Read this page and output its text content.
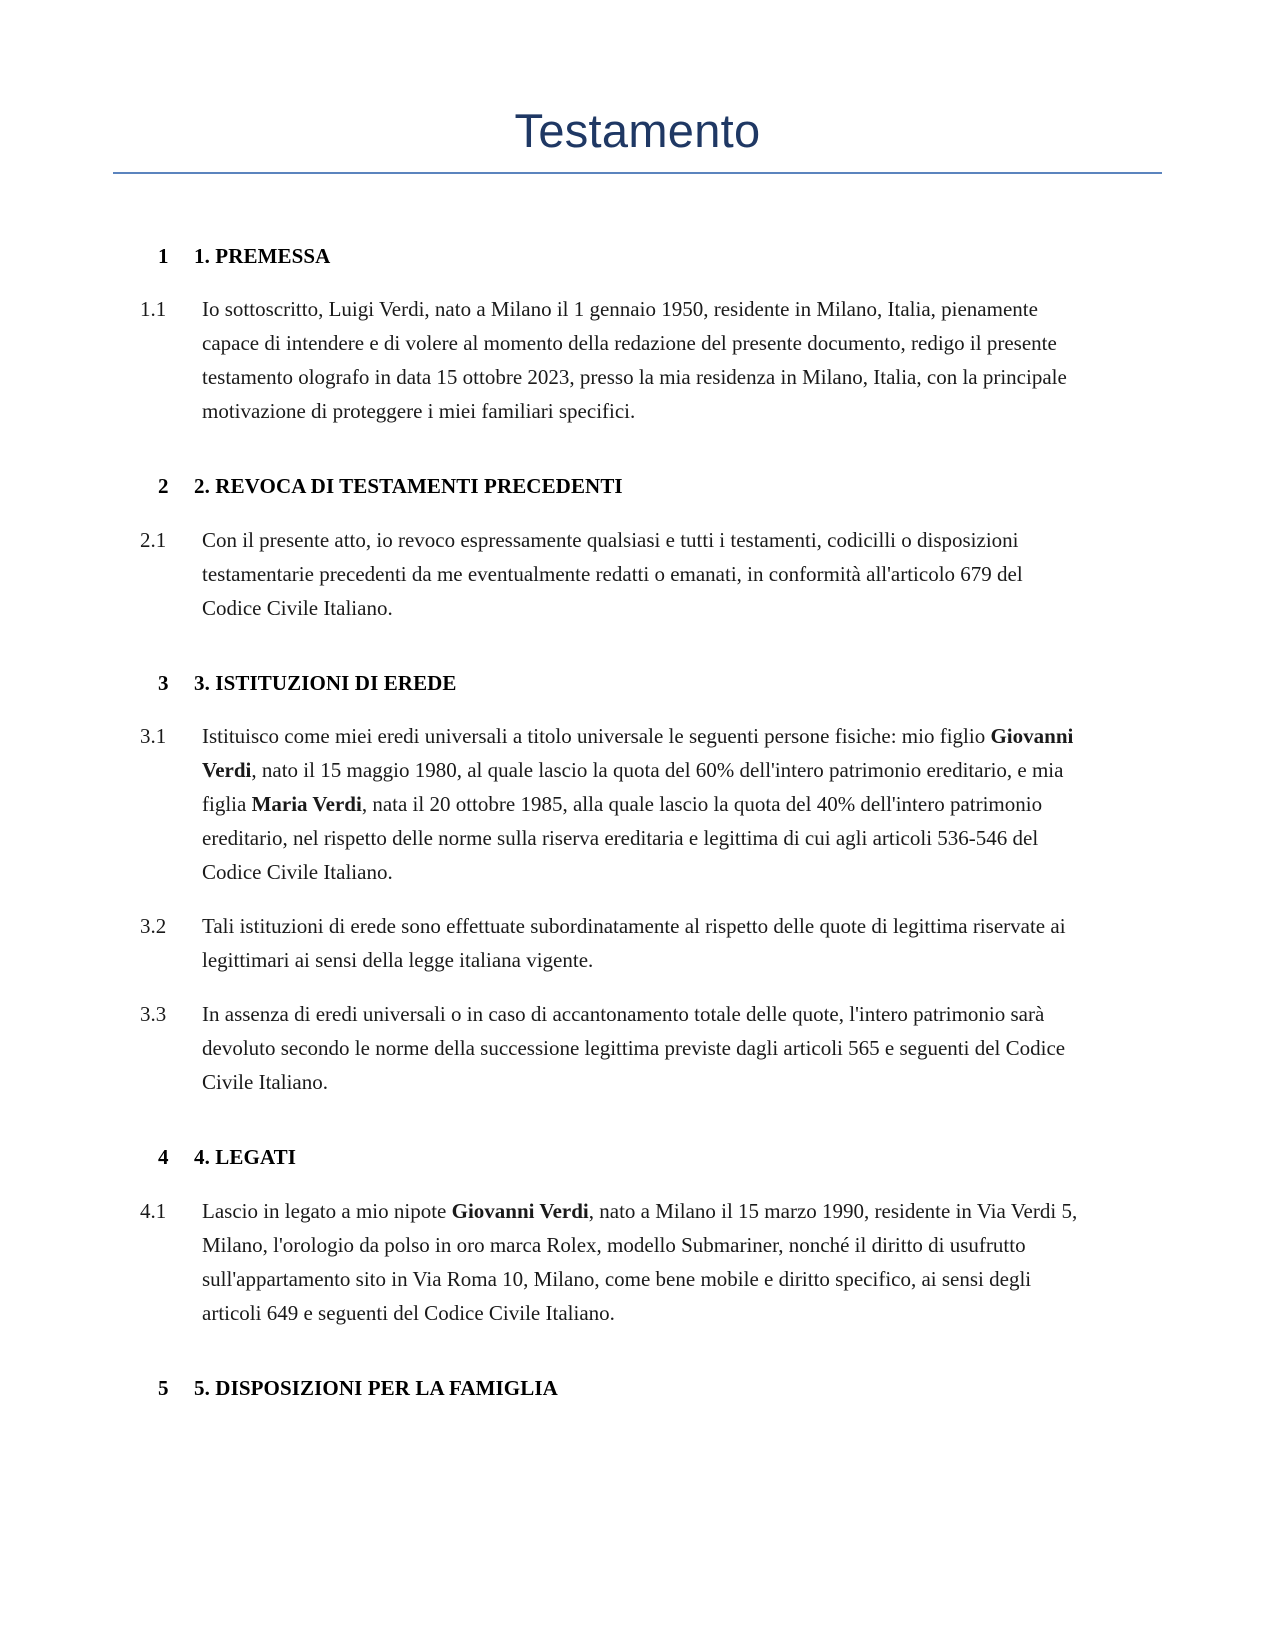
Testamento
1	1. PREMESSA
1.1	Io sottoscritto, Luigi Verdi, nato a Milano il 1 gennaio 1950, residente in Milano, Italia, pienamente capace di intendere e di volere al momento della redazione del presente documento, redigo il presente testamento olografo in data 15 ottobre 2023, presso la mia residenza in Milano, Italia, con la principale motivazione di proteggere i miei familiari specifici.
2	2. REVOCA DI TESTAMENTI PRECEDENTI
2.1	Con il presente atto, io revoco espressamente qualsiasi e tutti i testamenti, codicilli o disposizioni testamentarie precedenti da me eventualmente redatti o emanati, in conformità all'articolo 679 del Codice Civile Italiano.
3	3. ISTITUZIONI DI EREDE
3.1	Istituisco come miei eredi universali a titolo universale le seguenti persone fisiche: mio figlio Giovanni Verdi, nato il 15 maggio 1980, al quale lascio la quota del 60% dell'intero patrimonio ereditario, e mia figlia Maria Verdi, nata il 20 ottobre 1985, alla quale lascio la quota del 40% dell'intero patrimonio ereditario, nel rispetto delle norme sulla riserva ereditaria e legittima di cui agli articoli 536-546 del Codice Civile Italiano.
3.2	Tali istituzioni di erede sono effettuate subordinatamente al rispetto delle quote di legittima riservate ai legittimari ai sensi della legge italiana vigente.
3.3	In assenza di eredi universali o in caso di accantonamento totale delle quote, l'intero patrimonio sarà devoluto secondo le norme della successione legittima previste dagli articoli 565 e seguenti del Codice Civile Italiano.
4	4. LEGATI
4.1	Lascio in legato a mio nipote Giovanni Verdi, nato a Milano il 15 marzo 1990, residente in Via Verdi 5, Milano, l'orologio da polso in oro marca Rolex, modello Submariner, nonché il diritto di usufrutto sull'appartamento sito in Via Roma 10, Milano, come bene mobile e diritto specifico, ai sensi degli articoli 649 e seguenti del Codice Civile Italiano.
5	5. DISPOSIZIONI PER LA FAMIGLIA
